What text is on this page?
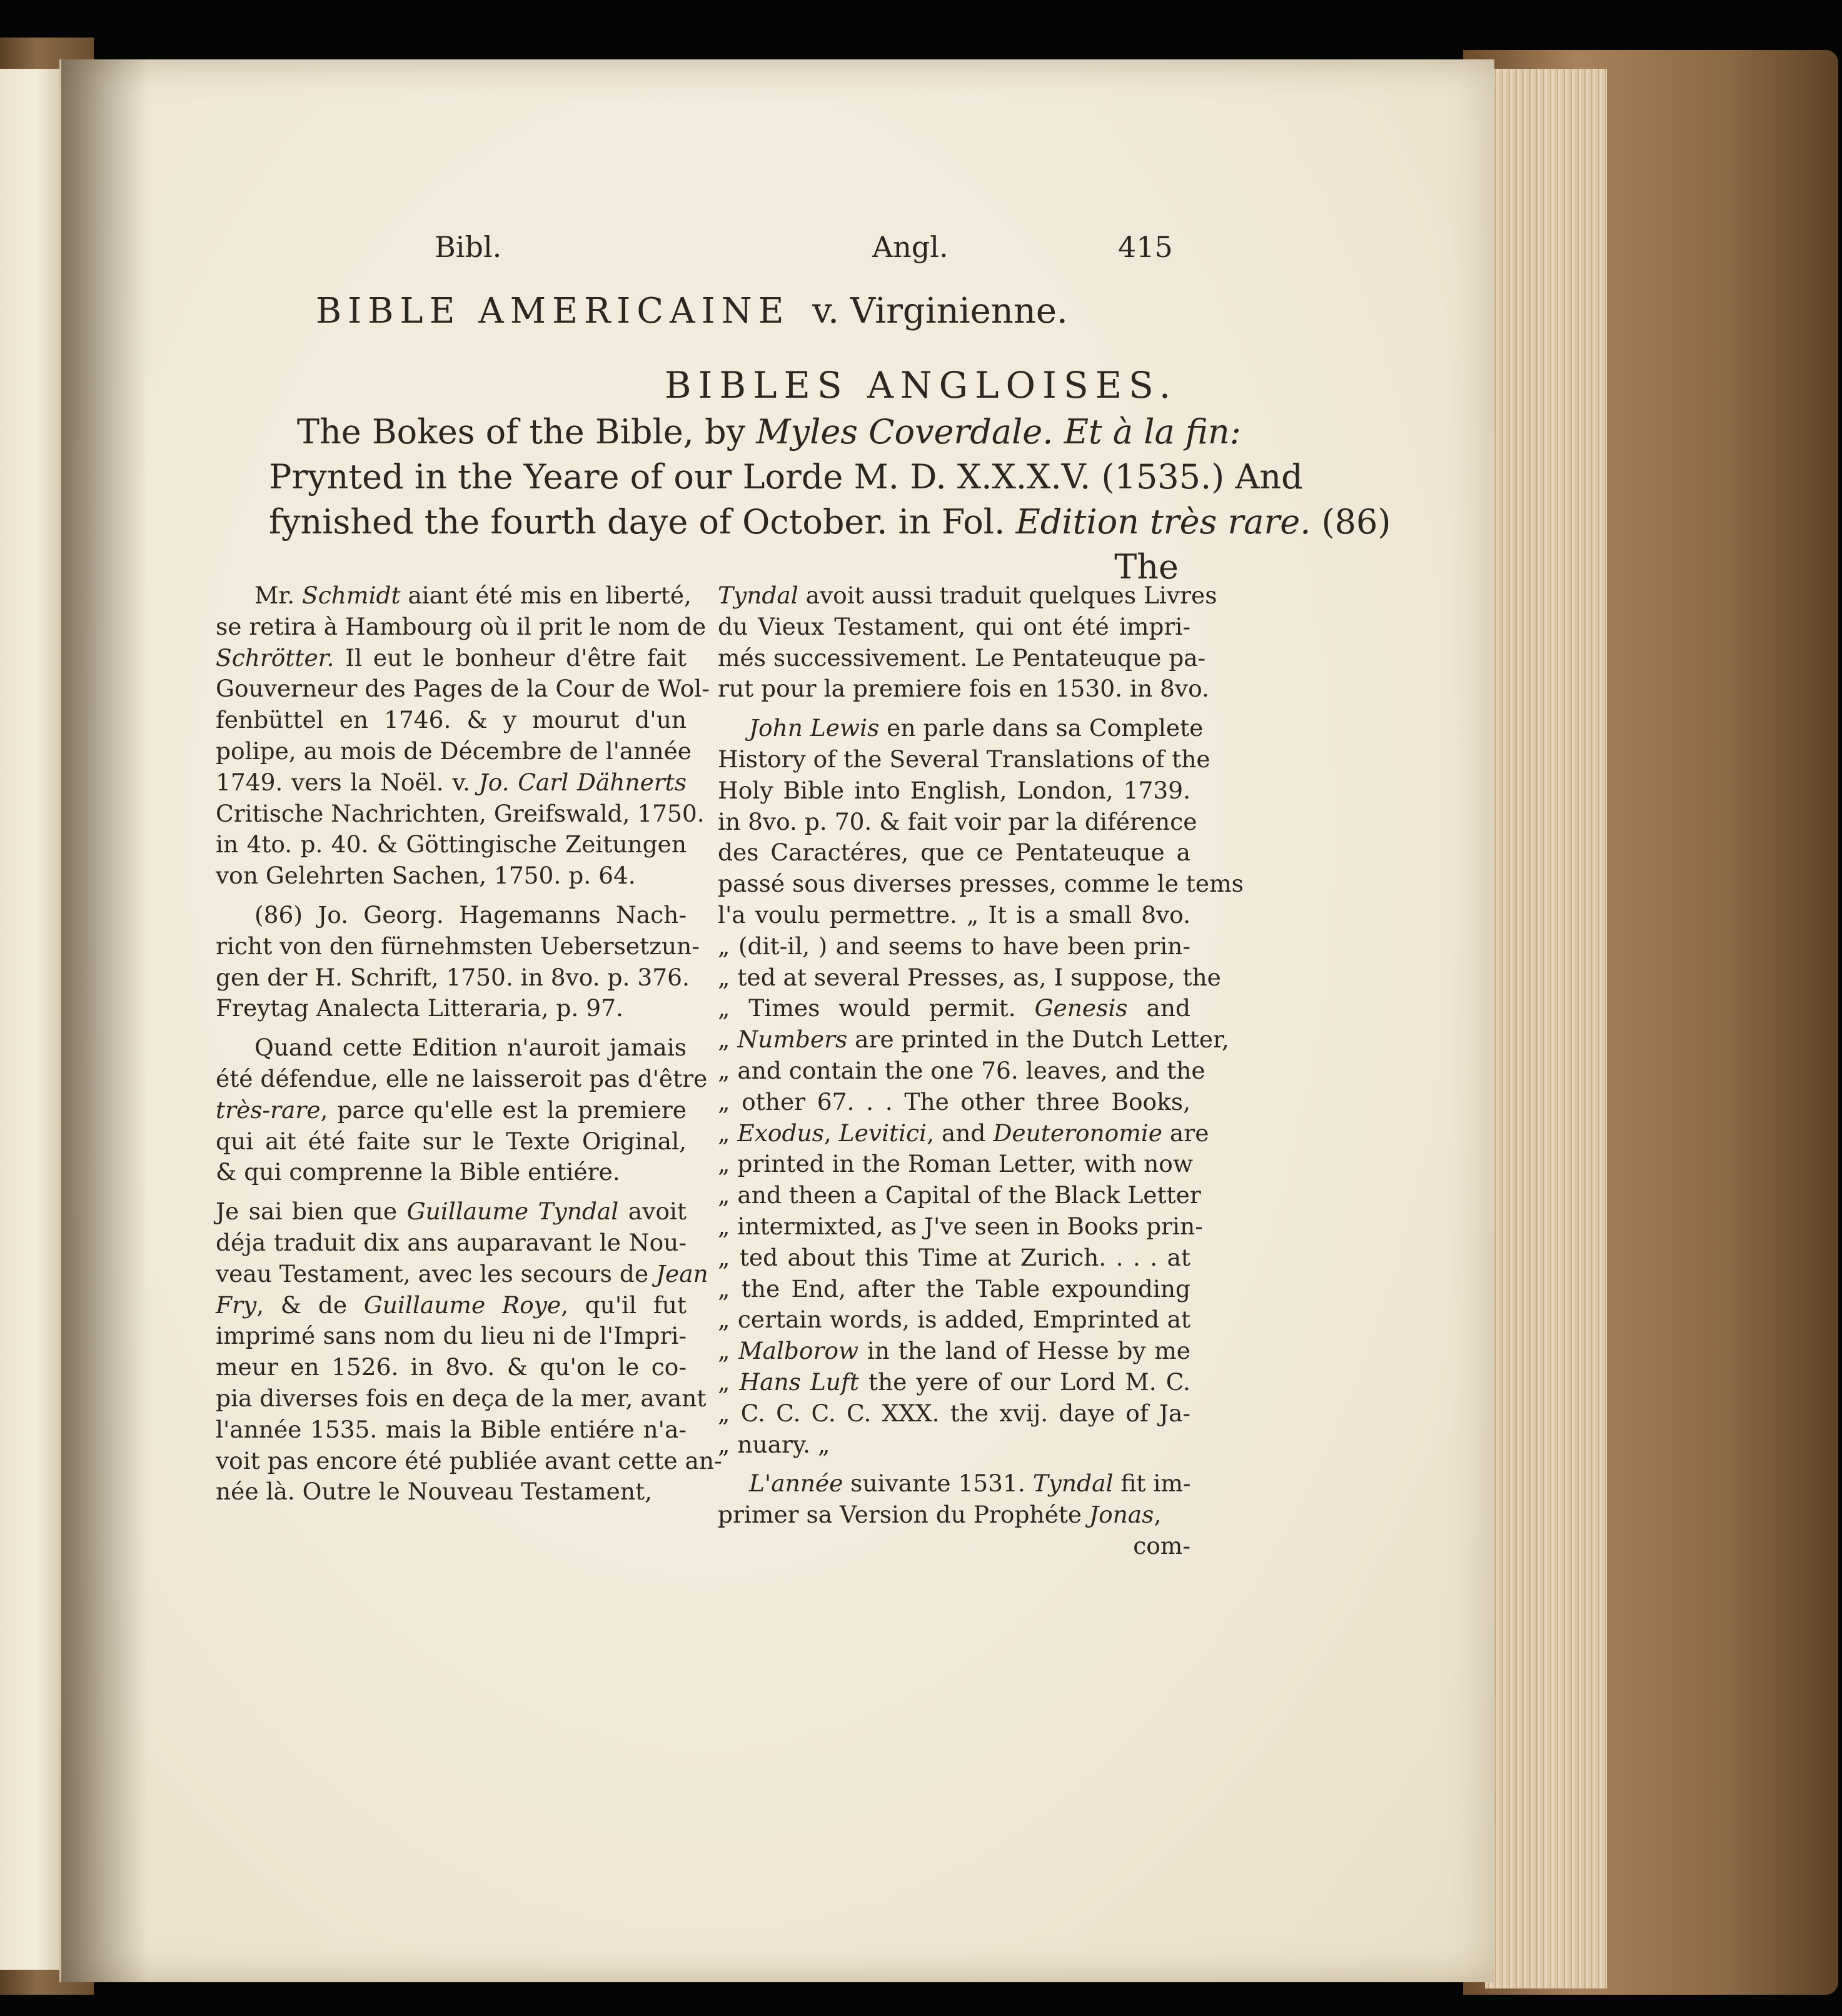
Bibl.	Angl.	415
BIBLE AMERICAINE v. Virginienne.
BIBLES ANGLOISES.
The Bokes of the Bible, by Myles Coverdale. Et à la fin:
Prynted in the Yeare of our Lorde M. D. X.X.X.V. (1535.) And
fynished the fourth daye of October. in Fol. Edition très rare. (86)
The
Mr. Schmidt aiant été mis en liberté,
se retira à Hambourg où il prit le nom de
Schrötter. Il eut le bonheur d'être fait
Gouverneur des Pages de la Cour de Wol-
fenbüttel en 1746. & y mourut d'un
polipe, au mois de Décembre de l'année
1749. vers la Noël. v. Jo. Carl Dähnerts
Critische Nachrichten, Greifswald, 1750.
in 4to. p. 40. & Göttingische Zeitungen
von Gelehrten Sachen, 1750. p. 64.
(86) Jo. Georg. Hagemanns Nach-
richt von den fürnehmsten Uebersetzun-
gen der H. Schrift, 1750. in 8vo. p. 376.
Freytag Analecta Litteraria, p. 97.
Quand cette Edition n'auroit jamais
été défendue, elle ne laisseroit pas d'être
très-rare, parce qu'elle est la premiere
qui ait été faite sur le Texte Original,
& qui comprenne la Bible entiére.
Je sai bien que Guillaume Tyndal avoit
déja traduit dix ans auparavant le Nou-
veau Testament, avec les secours de Jean
Fry, & de Guillaume Roye, qu'il fut
imprimé sans nom du lieu ni de l'Impri-
meur en 1526. in 8vo. & qu'on le co-
pia diverses fois en deça de la mer, avant
l'année 1535. mais la Bible entiére n'a-
voit pas encore été publiée avant cette an-
née là. Outre le Nouveau Testament,
Tyndal avoit aussi traduit quelques Livres
du Vieux Testament, qui ont été impri-
més successivement. Le Pentateuque pa-
rut pour la premiere fois en 1530. in 8vo.
John Lewis en parle dans sa Complete
History of the Several Translations of the
Holy Bible into English, London, 1739.
in 8vo. p. 70. & fait voir par la diférence
des Caractéres, que ce Pentateuque a
passé sous diverses presses, comme le tems
l'a voulu permettre. „ It is a small 8vo.
„ (dit-il, ) and seems to have been prin-
„ ted at several Presses, as, I suppose, the
„ Times would permit. Genesis and
„ Numbers are printed in the Dutch Letter,
„ and contain the one 76. leaves, and the
„ other 67. . . The other three Books,
„ Exodus, Levitici, and Deuteronomie are
„ printed in the Roman Letter, with now
„ and theen a Capital of the Black Letter
„ intermixted, as J've seen in Books prin-
„ ted about this Time at Zurich. . . . at
„ the End, after the Table expounding
„ certain words, is added, Emprinted at
„ Malborow in the land of Hesse by me
„ Hans Luft the yere of our Lord M. C.
„ C. C. C. C. XXX. the xvij. daye of Ja-
„ nuary. „
L'année suivante 1531. Tyndal fit im-
primer sa Version du Prophéte Jonas,
com-
